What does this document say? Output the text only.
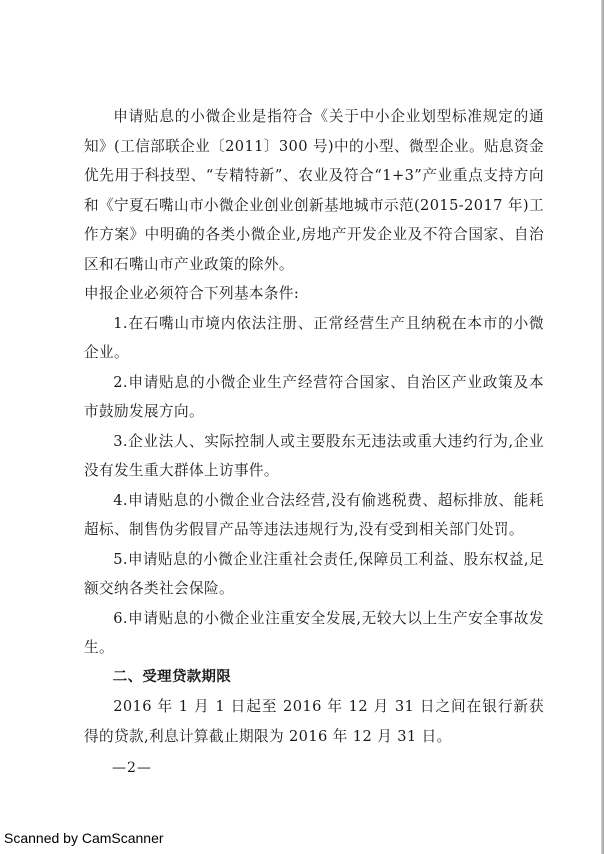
申请贴息的小微企业是指符合《关于中小企业划型标准规定的通知》(工信部联企业〔2011〕300 号)中的小型、微型企业。贴息资金优先用于科技型、“专精特新”、农业及符合“1+3”产业重点支持方向和《宁夏石嘴山市小微企业创业创新基地城市示范(2015-2017 年)工作方案》中明确的各类小微企业,房地产开发企业及不符合国家、自治区和石嘴山市产业政策的除外。

申报企业必须符合下列基本条件:

1.在石嘴山市境内依法注册、正常经营生产且纳税在本市的小微企业。

2.申请贴息的小微企业生产经营符合国家、自治区产业政策及本市鼓励发展方向。

3.企业法人、实际控制人或主要股东无违法或重大违约行为,企业没有发生重大群体上访事件。

4.申请贴息的小微企业合法经营,没有偷逃税费、超标排放、能耗超标、制售伪劣假冒产品等违法违规行为,没有受到相关部门处罚。

5.申请贴息的小微企业注重社会责任,保障员工利益、股东权益,足额交纳各类社会保险。

6.申请贴息的小微企业注重安全发展,无较大以上生产安全事故发生。

二、受理贷款期限

2016 年 1 月 1 日起至 2016 年 12 月 31 日之间在银行新获得的贷款,利息计算截止期限为 2016 年 12 月 31 日。

—2—
Scanned by CamScanner
